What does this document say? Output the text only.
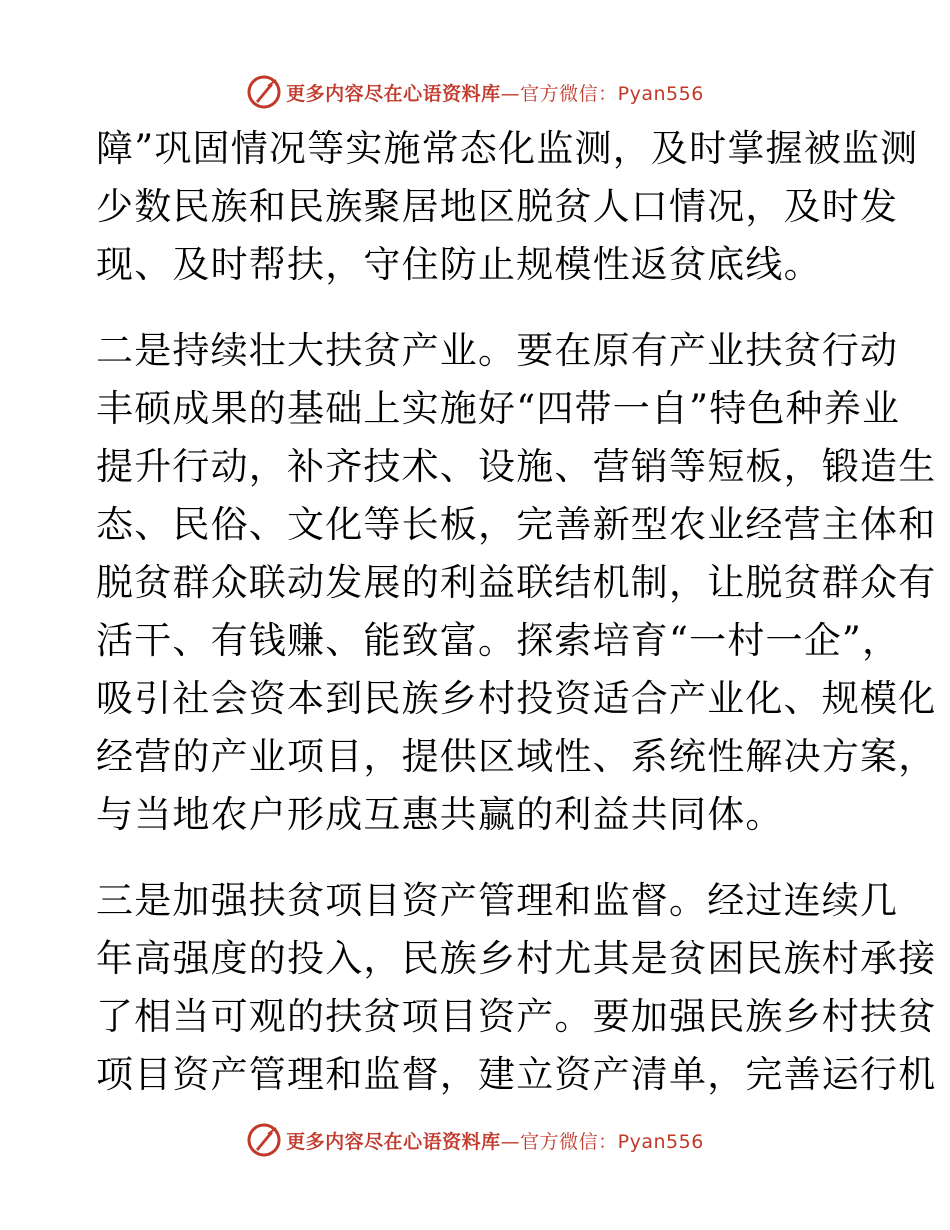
更多内容尽在心语资料库—官方微信：Pyan556
障”巩固情况等实施常态化监测，及时掌握被监测
少数民族和民族聚居地区脱贫人口情况，及时发
现、及时帮扶，守住防止规模性返贫底线。
二是持续壮大扶贫产业。要在原有产业扶贫行动
丰硕成果的基础上实施好“四带一自”特色种养业
提升行动，补齐技术、设施、营销等短板，锻造生
态、民俗、文化等长板，完善新型农业经营主体和
脱贫群众联动发展的利益联结机制，让脱贫群众有
活干、有钱赚、能致富。探索培育“一村一企”，
吸引社会资本到民族乡村投资适合产业化、规模化
经营的产业项目，提供区域性、系统性解决方案，
与当地农户形成互惠共赢的利益共同体。
三是加强扶贫项目资产管理和监督。经过连续几
年高强度的投入，民族乡村尤其是贫困民族村承接
了相当可观的扶贫项目资产。要加强民族乡村扶贫
项目资产管理和监督，建立资产清单，完善运行机
更多内容尽在心语资料库—官方微信：Pyan556
